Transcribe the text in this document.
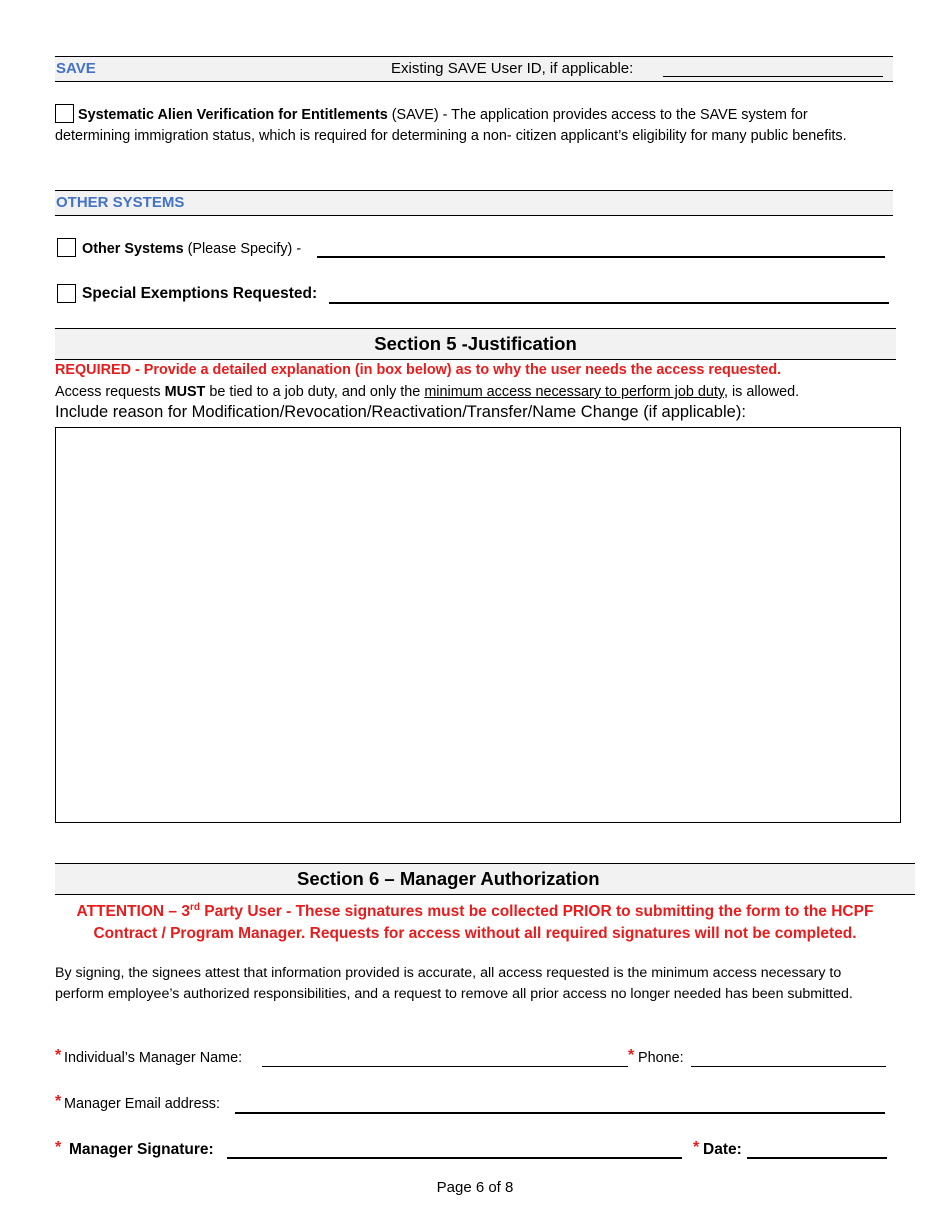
SAVE	Existing SAVE User ID, if applicable:
Systematic Alien Verification for Entitlements (SAVE) - The application provides access to the SAVE system for determining immigration status, which is required for determining a non- citizen applicant’s eligibility for many public benefits.
OTHER SYSTEMS
Other Systems (Please Specify) -
Special Exemptions Requested:
Section 5 -Justification
REQUIRED - Provide a detailed explanation (in box below) as to why the user needs the access requested.
Access requests MUST be tied to a job duty, and only the minimum access necessary to perform job duty, is allowed.
Include reason for Modification/Revocation/Reactivation/Transfer/Name Change (if applicable):
Section 6 – Manager Authorization
ATTENTION – 3rd Party User - These signatures must be collected PRIOR to submitting the form to the HCPF Contract / Program Manager. Requests for access without all required signatures will not be completed.
By signing, the signees attest that information provided is accurate, all access requested is the minimum access necessary to perform employee’s authorized responsibilities, and a request to remove all prior access no longer needed has been submitted.
* Individual’s Manager Name:	* Phone:
* Manager Email address:
* Manager Signature:	* Date:
Page 6 of 8
